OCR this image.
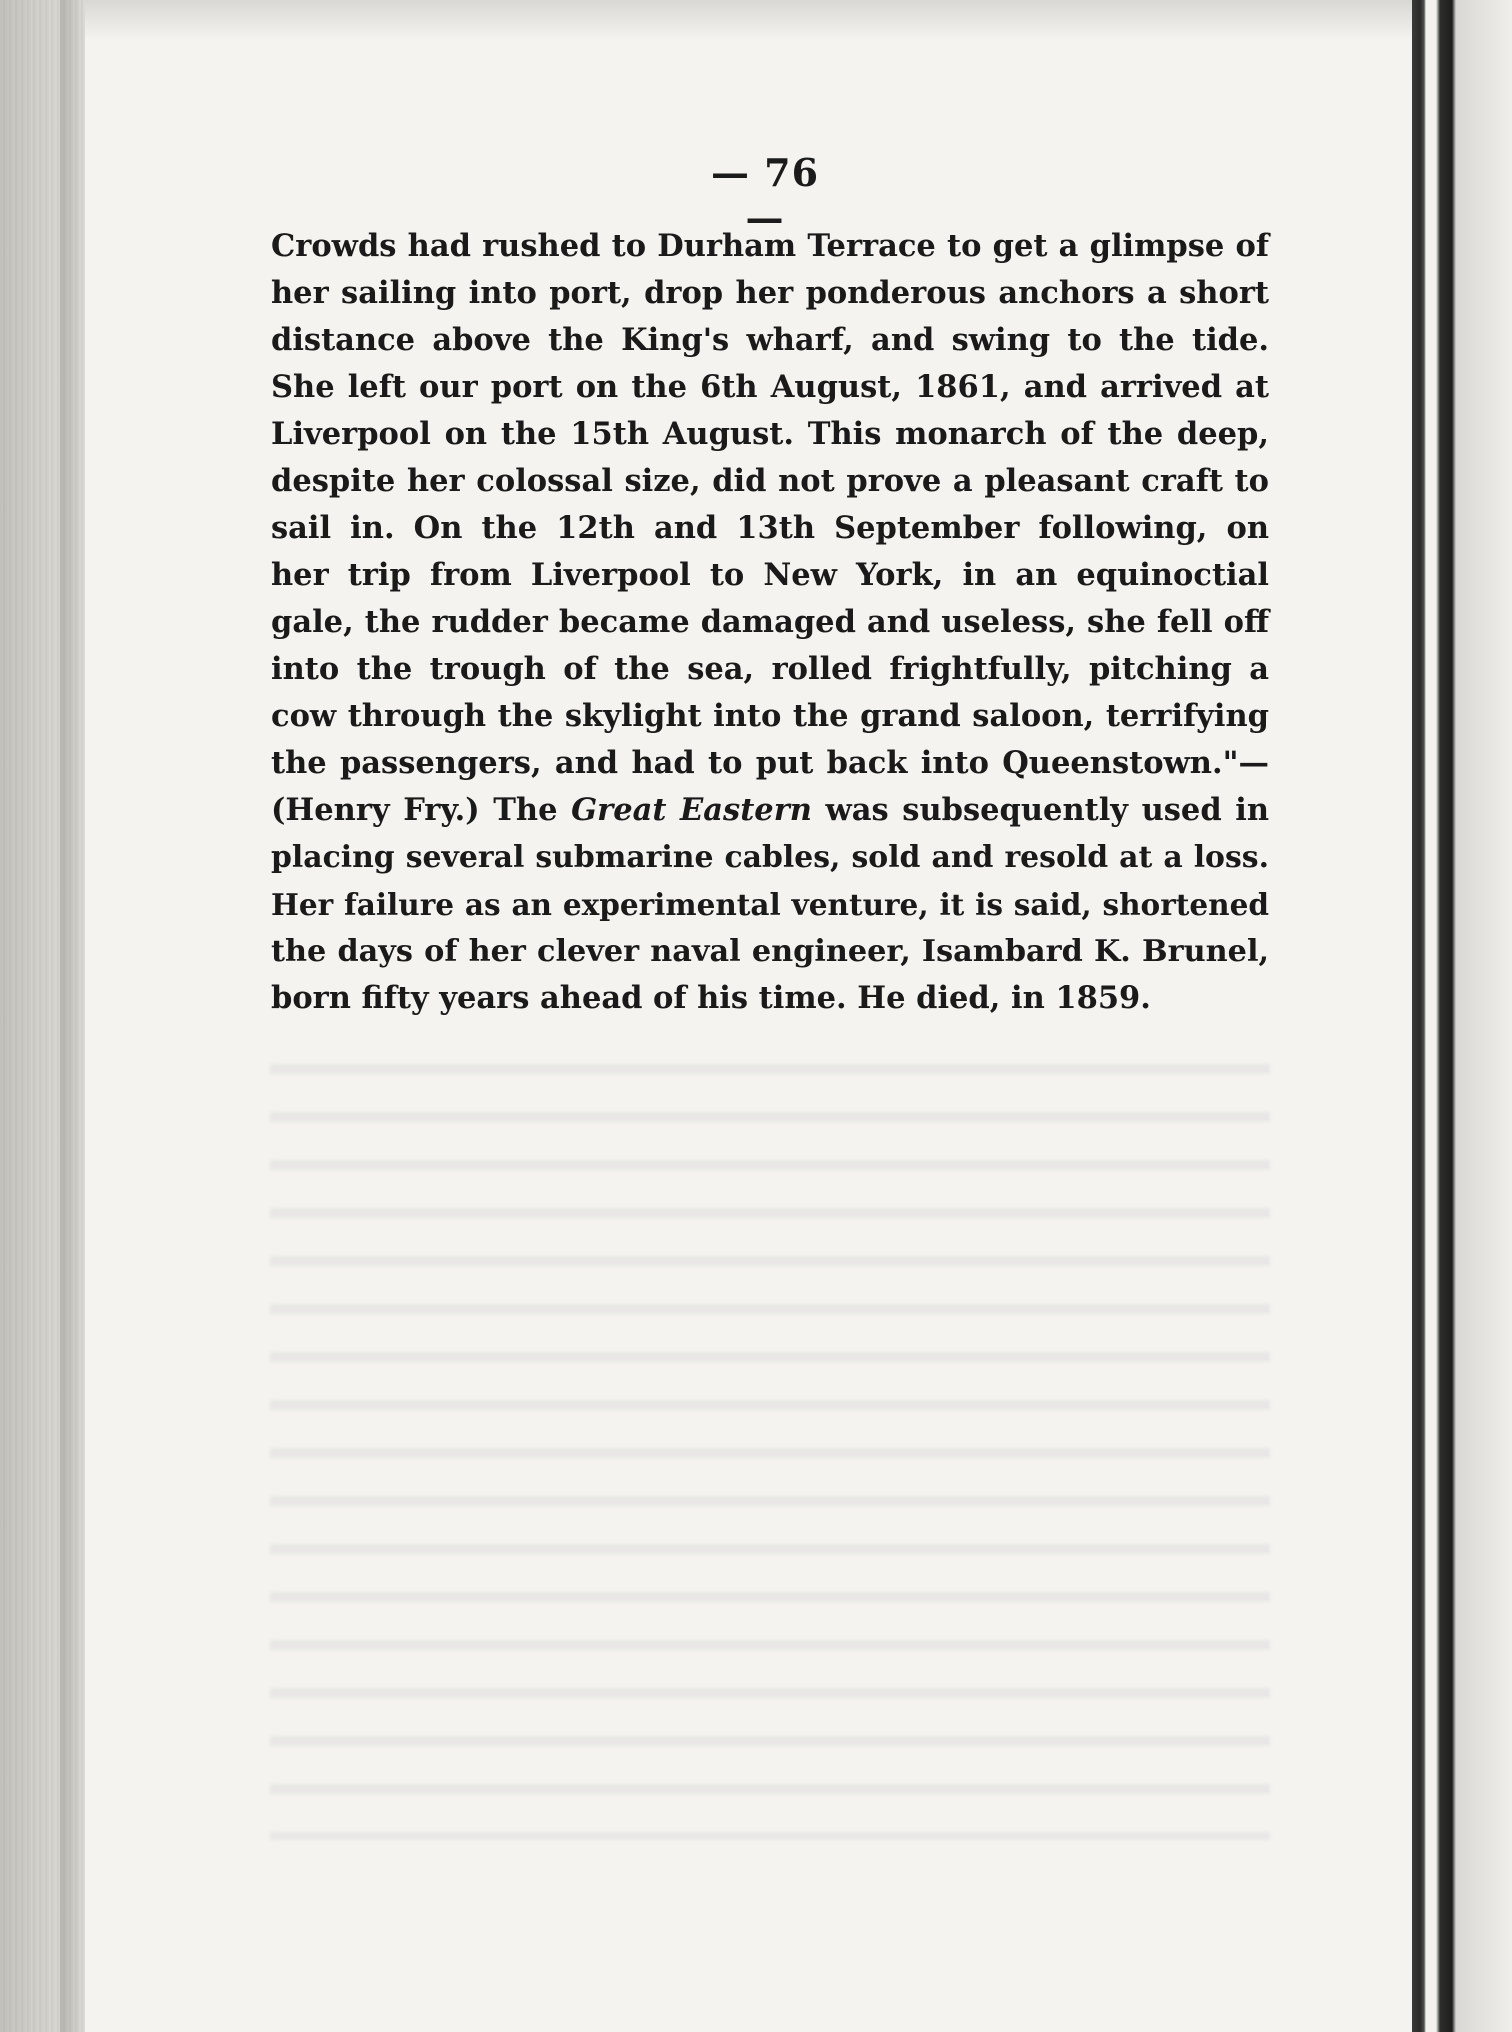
— 76 —
Crowds had rushed to Durham Terrace to get a glimpse of
her sailing into port, drop her ponderous anchors a short
distance above the King's wharf, and swing to the tide.
She left our port on the 6th August, 1861, and arrived at
Liverpool on the 15th August. This monarch of the deep,
despite her colossal size, did not prove a pleasant craft to
sail in. On the 12th and 13th September following, on
her trip from Liverpool to New York, in an equinoctial
gale, the rudder became damaged and useless, she fell off
into the trough of the sea, rolled frightfully, pitching a
cow through the skylight into the grand saloon, terrifying
the passengers, and had to put back into Queenstown."—
(Henry Fry.) The Great Eastern was subsequently used in
placing several submarine cables, sold and resold at a loss.
Her failure as an experimental venture, it is said, shortened
the days of her clever naval engineer, Isambard K. Brunel,
born fifty years ahead of his time. He died, in 1859.
